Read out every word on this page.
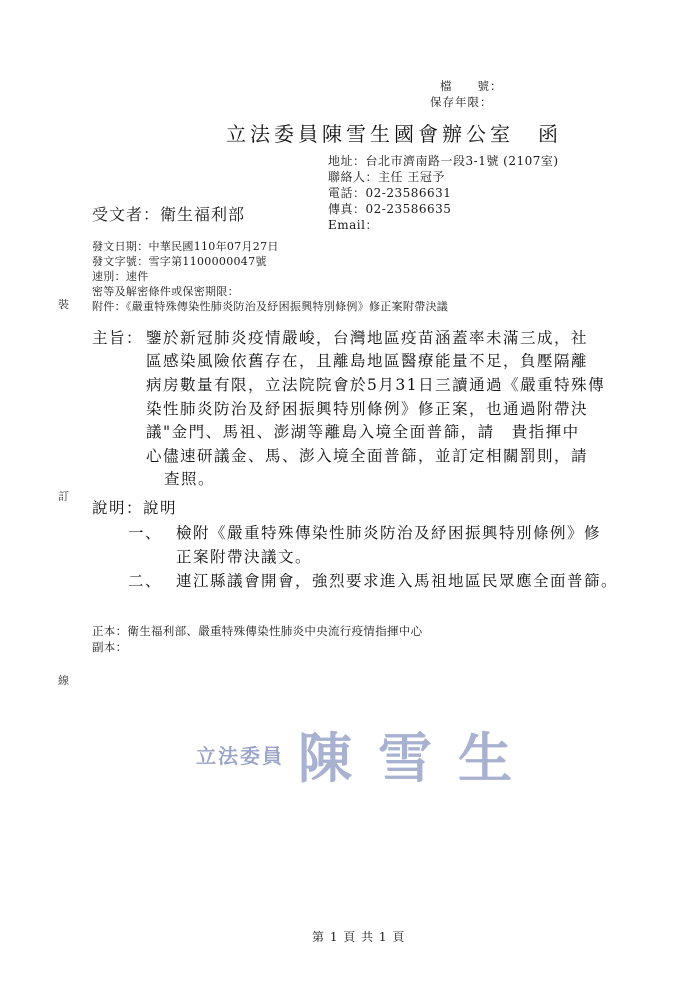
檔　　號：
保存年限：
立法委員陳雪生國會辦公室　函
地址：台北市濟南路一段3-1號 (2107室)
聯絡人：主任 王冠予
電話：02-23586631
傳真：02-23586635
Email：
受文者：衛生福利部
發文日期：中華民國110年07月27日
發文字號：雪字第1100000047號
速別：速件
密等及解密條件或保密期限：
附件：《嚴重特殊傳染性肺炎防治及紓困振興特別條例》修正案附帶決議
裝
訂
線
主旨： 鑒於新冠肺炎疫情嚴峻，台灣地區疫苗涵蓋率未滿三成，社
區感染風險依舊存在，且離島地區醫療能量不足，負壓隔離
病房數量有限，立法院院會於5月31日三讀通過《嚴重特殊傳
染性肺炎防治及紓困振興特別條例》修正案，也通過附帶決
議"金門、馬祖、澎湖等離島入境全面普篩，請　貴指揮中
心儘速研議金、馬、澎入境全面普篩，並訂定相關罰則，請
查照。
說明：說明
一、 檢附《嚴重特殊傳染性肺炎防治及紓困振興特別條例》修
正案附帶決議文。
二、 連江縣議會開會，強烈要求進入馬祖地區民眾應全面普篩。
正本：衛生福利部、嚴重特殊傳染性肺炎中央流行疫情指揮中心
副本：
立法委員 陳雪生
第 1 頁 共 1 頁
